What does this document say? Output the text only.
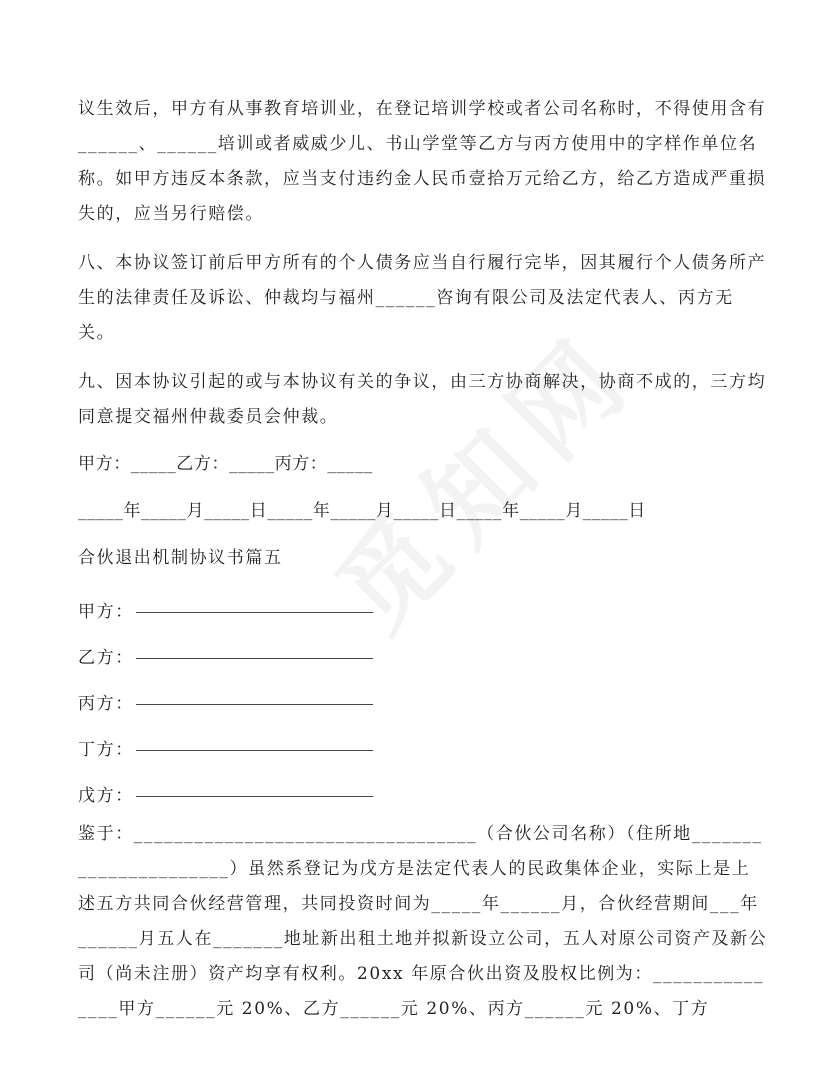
议生效后，甲方有从事教育培训业，在登记培训学校或者公司名称时，不得使用含有______、______培训或者威威少儿、书山学堂等乙方与丙方使用中的字样作单位名称。如甲方违反本条款，应当支付违约金人民币壹拾万元给乙方，给乙方造成严重损失的，应当另行赔偿。

八、本协议签订前后甲方所有的个人债务应当自行履行完毕，因其履行个人债务所产生的法律责任及诉讼、仲裁均与福州______咨询有限公司及法定代表人、丙方无关。

九、因本协议引起的或与本协议有关的争议，由三方协商解决，协商不成的，三方均同意提交福州仲裁委员会仲裁。

甲方：_____乙方：_____丙方：_____

_____年_____月_____日_____年_____月_____日_____年_____月_____日

合伙退出机制协议书篇五

甲方：
乙方：
丙方：
丁方：
戊方：

鉴于：__________________________________（合伙公司名称）（住所地______________________）虽然系登记为戊方是法定代表人的民政集体企业，实际上是上述五方共同合伙经营管理，共同投资时间为_____年______月，合伙经营期间___年______月五人在_______地址新出租土地并拟新设立公司，五人对原公司资产及新公司（尚未注册）资产均享有权利。20xx 年原合伙出资及股权比例为：_______________甲方______元 20%、乙方______元 20%、丙方______元 20%、丁方
